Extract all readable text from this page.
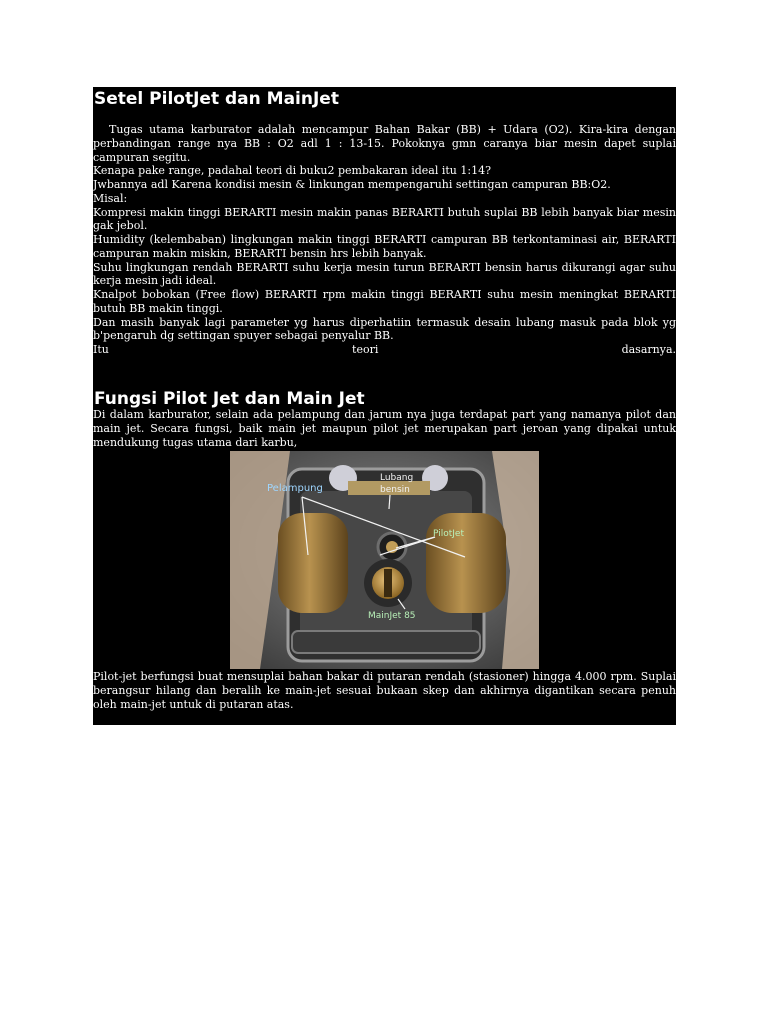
Setel PilotJet dan MainJet

Tugas utama karburator adalah mencampur Bahan Bakar (BB) + Udara (O2). Kira-kira dengan perbandingan range nya BB : O2 adl 1 : 13-15. Pokoknya gmn caranya biar mesin dapet suplai campuran segitu.

Kenapa pake range, padahal teori di buku2 pembakaran ideal itu 1:14?

Jwbannya adl Karena kondisi mesin & linkungan mempengaruhi settingan campuran BB:O2.

Misal:

Kompresi makin tinggi BERARTI mesin makin panas BERARTI butuh suplai BB lebih banyak biar mesin gak jebol.

Humidity (kelembaban) lingkungan makin tinggi BERARTI campuran BB terkontaminasi air, BERARTI campuran makin miskin, BERARTI bensin hrs lebih banyak.

Suhu lingkungan rendah BERARTI suhu kerja mesin turun BERARTI bensin harus dikurangi agar suhu kerja mesin jadi ideal.

Knalpot bobokan (Free flow) BERARTI rpm makin tinggi BERARTI suhu mesin meningkat BERARTI butuh BB makin tinggi.

Dan masih banyak lagi parameter yg harus diperhatiin termasuk desain lubang masuk pada blok yg b'pengaruh dg settingan spuyer sebagai penyalur BB.

Itu teori dasarnya.

Fungsi Pilot Jet dan Main Jet

Di dalam karburator, selain ada pelampung dan jarum nya juga terdapat part yang namanya pilot dan main jet. Secara fungsi, baik main jet maupun pilot jet merupakan part jeroan yang dipakai untuk mendukung tugas utama dari karbu,

Pelampung
Lubang
bensin
PilotJet
MainJet 85

Pilot-jet berfungsi buat mensuplai bahan bakar di putaran rendah (stasioner) hingga 4.000 rpm. Suplai berangsur hilang dan beralih ke main-jet sesuai bukaan skep dan akhirnya digantikan secara penuh oleh main-jet untuk di putaran atas.
